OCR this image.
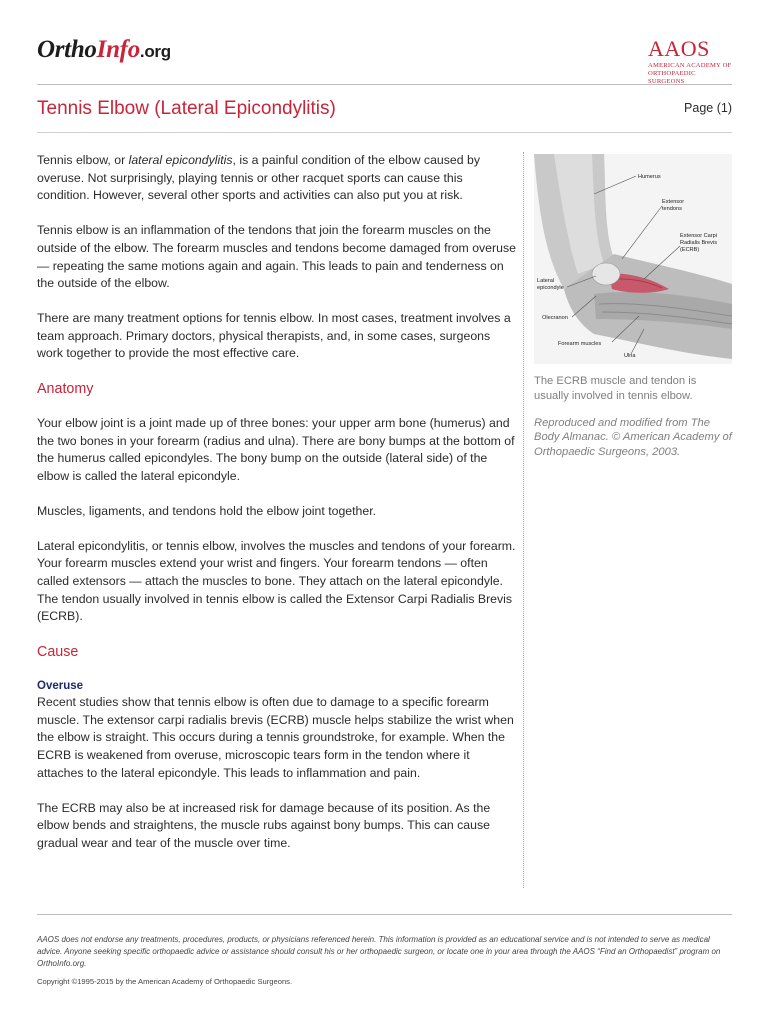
OrthoInfo.org	AAOS
AMERICAN ACADEMY OF
ORTHOPAEDIC SURGEONS
Tennis Elbow (Lateral Epicondylitis)	Page (1)

Tennis elbow, or lateral epicondylitis, is a painful condition of the elbow caused by overuse. Not surprisingly, playing tennis or other racquet sports can cause this condition. However, several other sports and activities can also put you at risk.

Tennis elbow is an inflammation of the tendons that join the forearm muscles on the outside of the elbow. The forearm muscles and tendons become damaged from overuse — repeating the same motions again and again. This leads to pain and tenderness on the outside of the elbow.

There are many treatment options for tennis elbow. In most cases, treatment involves a team approach. Primary doctors, physical therapists, and, in some cases, surgeons work together to provide the most effective care.

Anatomy

Your elbow joint is a joint made up of three bones: your upper arm bone (humerus) and the two bones in your forearm (radius and ulna). There are bony bumps at the bottom of the humerus called epicondyles. The bony bump on the outside (lateral side) of the elbow is called the lateral epicondyle.

Muscles, ligaments, and tendons hold the elbow joint together.

Lateral epicondylitis, or tennis elbow, involves the muscles and tendons of your forearm. Your forearm muscles extend your wrist and fingers. Your forearm tendons — often called extensors — attach the muscles to bone. They attach on the lateral epicondyle. The tendon usually involved in tennis elbow is called the Extensor Carpi Radialis Brevis (ECRB).

Cause
Overuse

Recent studies show that tennis elbow is often due to damage to a specific forearm muscle. The extensor carpi radialis brevis (ECRB) muscle helps stabilize the wrist when the elbow is straight. This occurs during a tennis groundstroke, for example. When the ECRB is weakened from overuse, microscopic tears form in the tendon where it attaches to the lateral epicondyle. This leads to inflammation and pain.

The ECRB may also be at increased risk for damage because of its position. As the elbow bends and straightens, the muscle rubs against bony bumps. This can cause gradual wear and tear of the muscle over time.

Humerus
Extensor
tendons
Extensor Carpi
Radialis Brevis
(ECRB)
Lateral
epicondyle
Olecranon
Forearm muscles
Ulna

The ECRB muscle and tendon is usually involved in tennis elbow.

Reproduced and modified from The Body Almanac. © American Academy of Orthopaedic Surgeons, 2003.

AAOS does not endorse any treatments, procedures, products, or physicians referenced herein. This information is provided as an educational service and is not intended to serve as medical advice. Anyone seeking specific orthopaedic advice or assistance should consult his or her orthopaedic surgeon, or locate one in your area through the AAOS “Find an Orthopaedist” program on OrthoInfo.org.
Copyright ©1995-2015 by the American Academy of Orthopaedic Surgeons.
